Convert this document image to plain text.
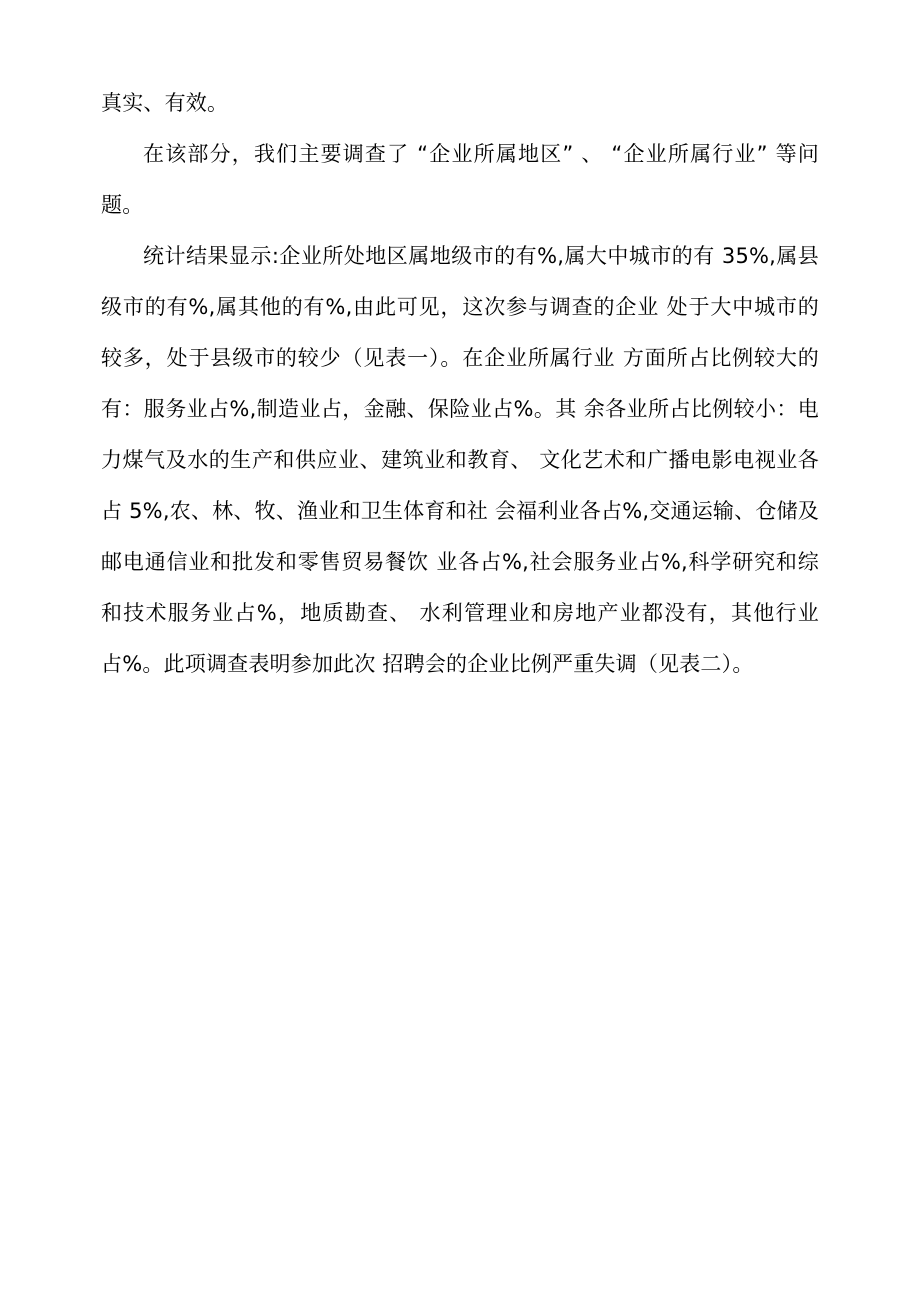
真实、有效。

在该部分，我们主要调查了 “企业所属地区” 、 “企业所属行业” 等问题。

统计结果显示:企业所处地区属地级市的有%,属大中城市的有 35%,属县级市的有%,属其他的有%,由此可见，这次参与调查的企业 处于大中城市的较多，处于县级市的较少（见表一）。在企业所属行业 方面所占比例较大的有：服务业占%,制造业占，金融、保险业占%。其 余各业所占比例较小：电力煤气及水的生产和供应业、建筑业和教育、 文化艺术和广播电影电视业各占 5%,农、林、牧、渔业和卫生体育和社 会福利业各占%,交通运输、仓储及邮电通信业和批发和零售贸易餐饮 业各占%,社会服务业占%,科学研究和综和技术服务业占%，地质勘查、 水利管理业和房地产业都没有，其他行业占%。此项调查表明参加此次 招聘会的企业比例严重失调（见表二）。
